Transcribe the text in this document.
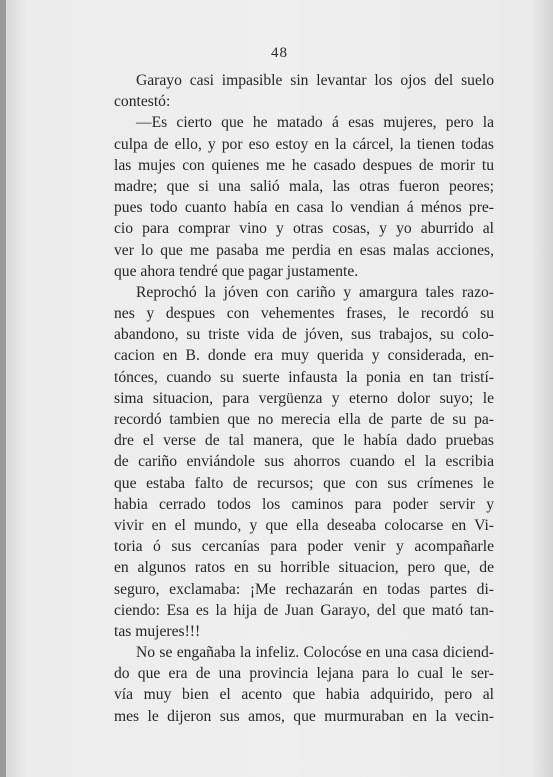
48
Garayo casi impasible sin levantar los ojos del suelo
contestó:
—Es cierto que he matado á esas mujeres, pero la
culpa de ello, y por eso estoy en la cárcel, la tienen todas
las mujes con quienes me he casado despues de morir tu
madre; que si una salió mala, las otras fueron peores;
pues todo cuanto había en casa lo vendian á ménos pre-
cio para comprar vino y otras cosas, y yo aburrido al
ver lo que me pasaba me perdia en esas malas acciones,
que ahora tendré que pagar justamente.
Reprochó la jóven con cariño y amargura tales razo-
nes y despues con vehementes frases, le recordó su
abandono, su triste vida de jóven, sus trabajos, su colo-
cacion en B. donde era muy querida y considerada, en-
tónces, cuando su suerte infausta la ponia en tan tristí-
sima situacion, para vergüenza y eterno dolor suyo; le
recordó tambien que no merecia ella de parte de su pa-
dre el verse de tal manera, que le había dado pruebas
de cariño enviándole sus ahorros cuando el la escribia
que estaba falto de recursos; que con sus crímenes le
habia cerrado todos los caminos para poder servir y
vivir en el mundo, y que ella deseaba colocarse en Vi-
toria ó sus cercanías para poder venir y acompañarle
en algunos ratos en su horrible situacion, pero que, de
seguro, exclamaba: ¡Me rechazarán en todas partes di-
ciendo: Esa es la hija de Juan Garayo, del que mató tan-
tas mujeres!!!
No se engañaba la infeliz. Colocóse en una casa diciend-
do que era de una provincia lejana para lo cual le ser-
vía muy bien el acento que habia adquirido, pero al
mes le dijeron sus amos, que murmuraban en la vecin-
